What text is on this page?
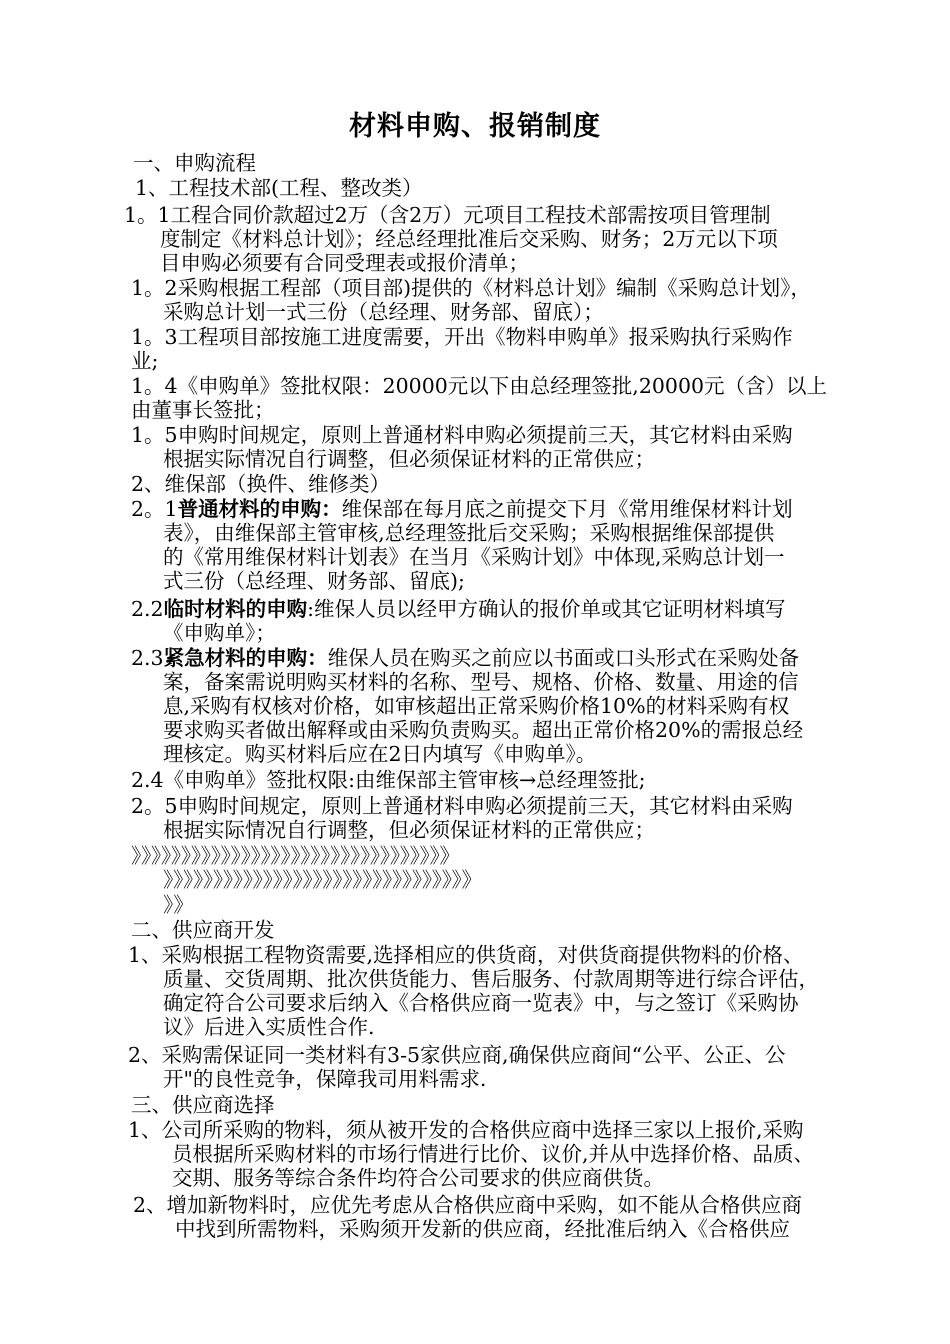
材料申购、报销制度
一、申购流程
1、工程技术部(工程、整改类）
1。1工程合同价款超过2万（含2万）元项目工程技术部需按项目管理制
度制定《材料总计划》；经总经理批准后交采购、财务；2万元以下项
目申购必须要有合同受理表或报价清单；
1。2采购根据工程部（项目部)提供的《材料总计划》编制《采购总计划》，
采购总计划一式三份（总经理、财务部、留底）；
1。3工程项目部按施工进度需要，开出《物料申购单》报采购执行采购作
业;
1。4《申购单》签批权限：20000元以下由总经理签批,20000元（含）以上
由董事长签批；
1。5申购时间规定，原则上普通材料申购必须提前三天，其它材料由采购
根据实际情况自行调整，但必须保证材料的正常供应；
2、维保部（换件、维修类）
2。1普通材料的申购：维保部在每月底之前提交下月《常用维保材料计划
表》，由维保部主管审核,总经理签批后交采购；采购根据维保部提供
的《常用维保材料计划表》在当月《采购计划》中体现,采购总计划一
式三份（总经理、财务部、留底);
2.2临时材料的申购:维保人员以经甲方确认的报价单或其它证明材料填写
《申购单》；
2.3紧急材料的申购：维保人员在购买之前应以书面或口头形式在采购处备
案，备案需说明购买材料的名称、型号、规格、价格、数量、用途的信
息,采购有权核对价格，如审核超出正常采购价格10%的材料采购有权
要求购买者做出解释或由采购负责购买。超出正常价格20%的需报总经
理核定。购买材料后应在2日内填写《申购单》。
2.4《申购单》签批权限:由维保部主管审核→总经理签批;
2。5申购时间规定，原则上普通材料申购必须提前三天，其它材料由采购
根据实际情况自行调整，但必须保证材料的正常供应；
》》》》》》》》》》》》》》》》》》》》》》》》》》》》》》》》
》》》》》》》》》》》》》》》》》》》》》》》》》》》》》》》
》》
二、供应商开发
1、采购根据工程物资需要,选择相应的供货商，对供货商提供物料的价格、
质量、交货周期、批次供货能力、售后服务、付款周期等进行综合评估，
确定符合公司要求后纳入《合格供应商一览表》中，与之签订《采购协
议》后进入实质性合作.
2、采购需保证同一类材料有3-5家供应商,确保供应商间“公平、公正、公
开"的良性竞争，保障我司用料需求.
三、供应商选择
1、公司所采购的物料，须从被开发的合格供应商中选择三家以上报价,采购
员根据所采购材料的市场行情进行比价、议价,并从中选择价格、品质、
交期、服务等综合条件均符合公司要求的供应商供货。
2、增加新物料时，应优先考虑从合格供应商中采购，如不能从合格供应商
中找到所需物料，采购须开发新的供应商，经批准后纳入《合格供应
